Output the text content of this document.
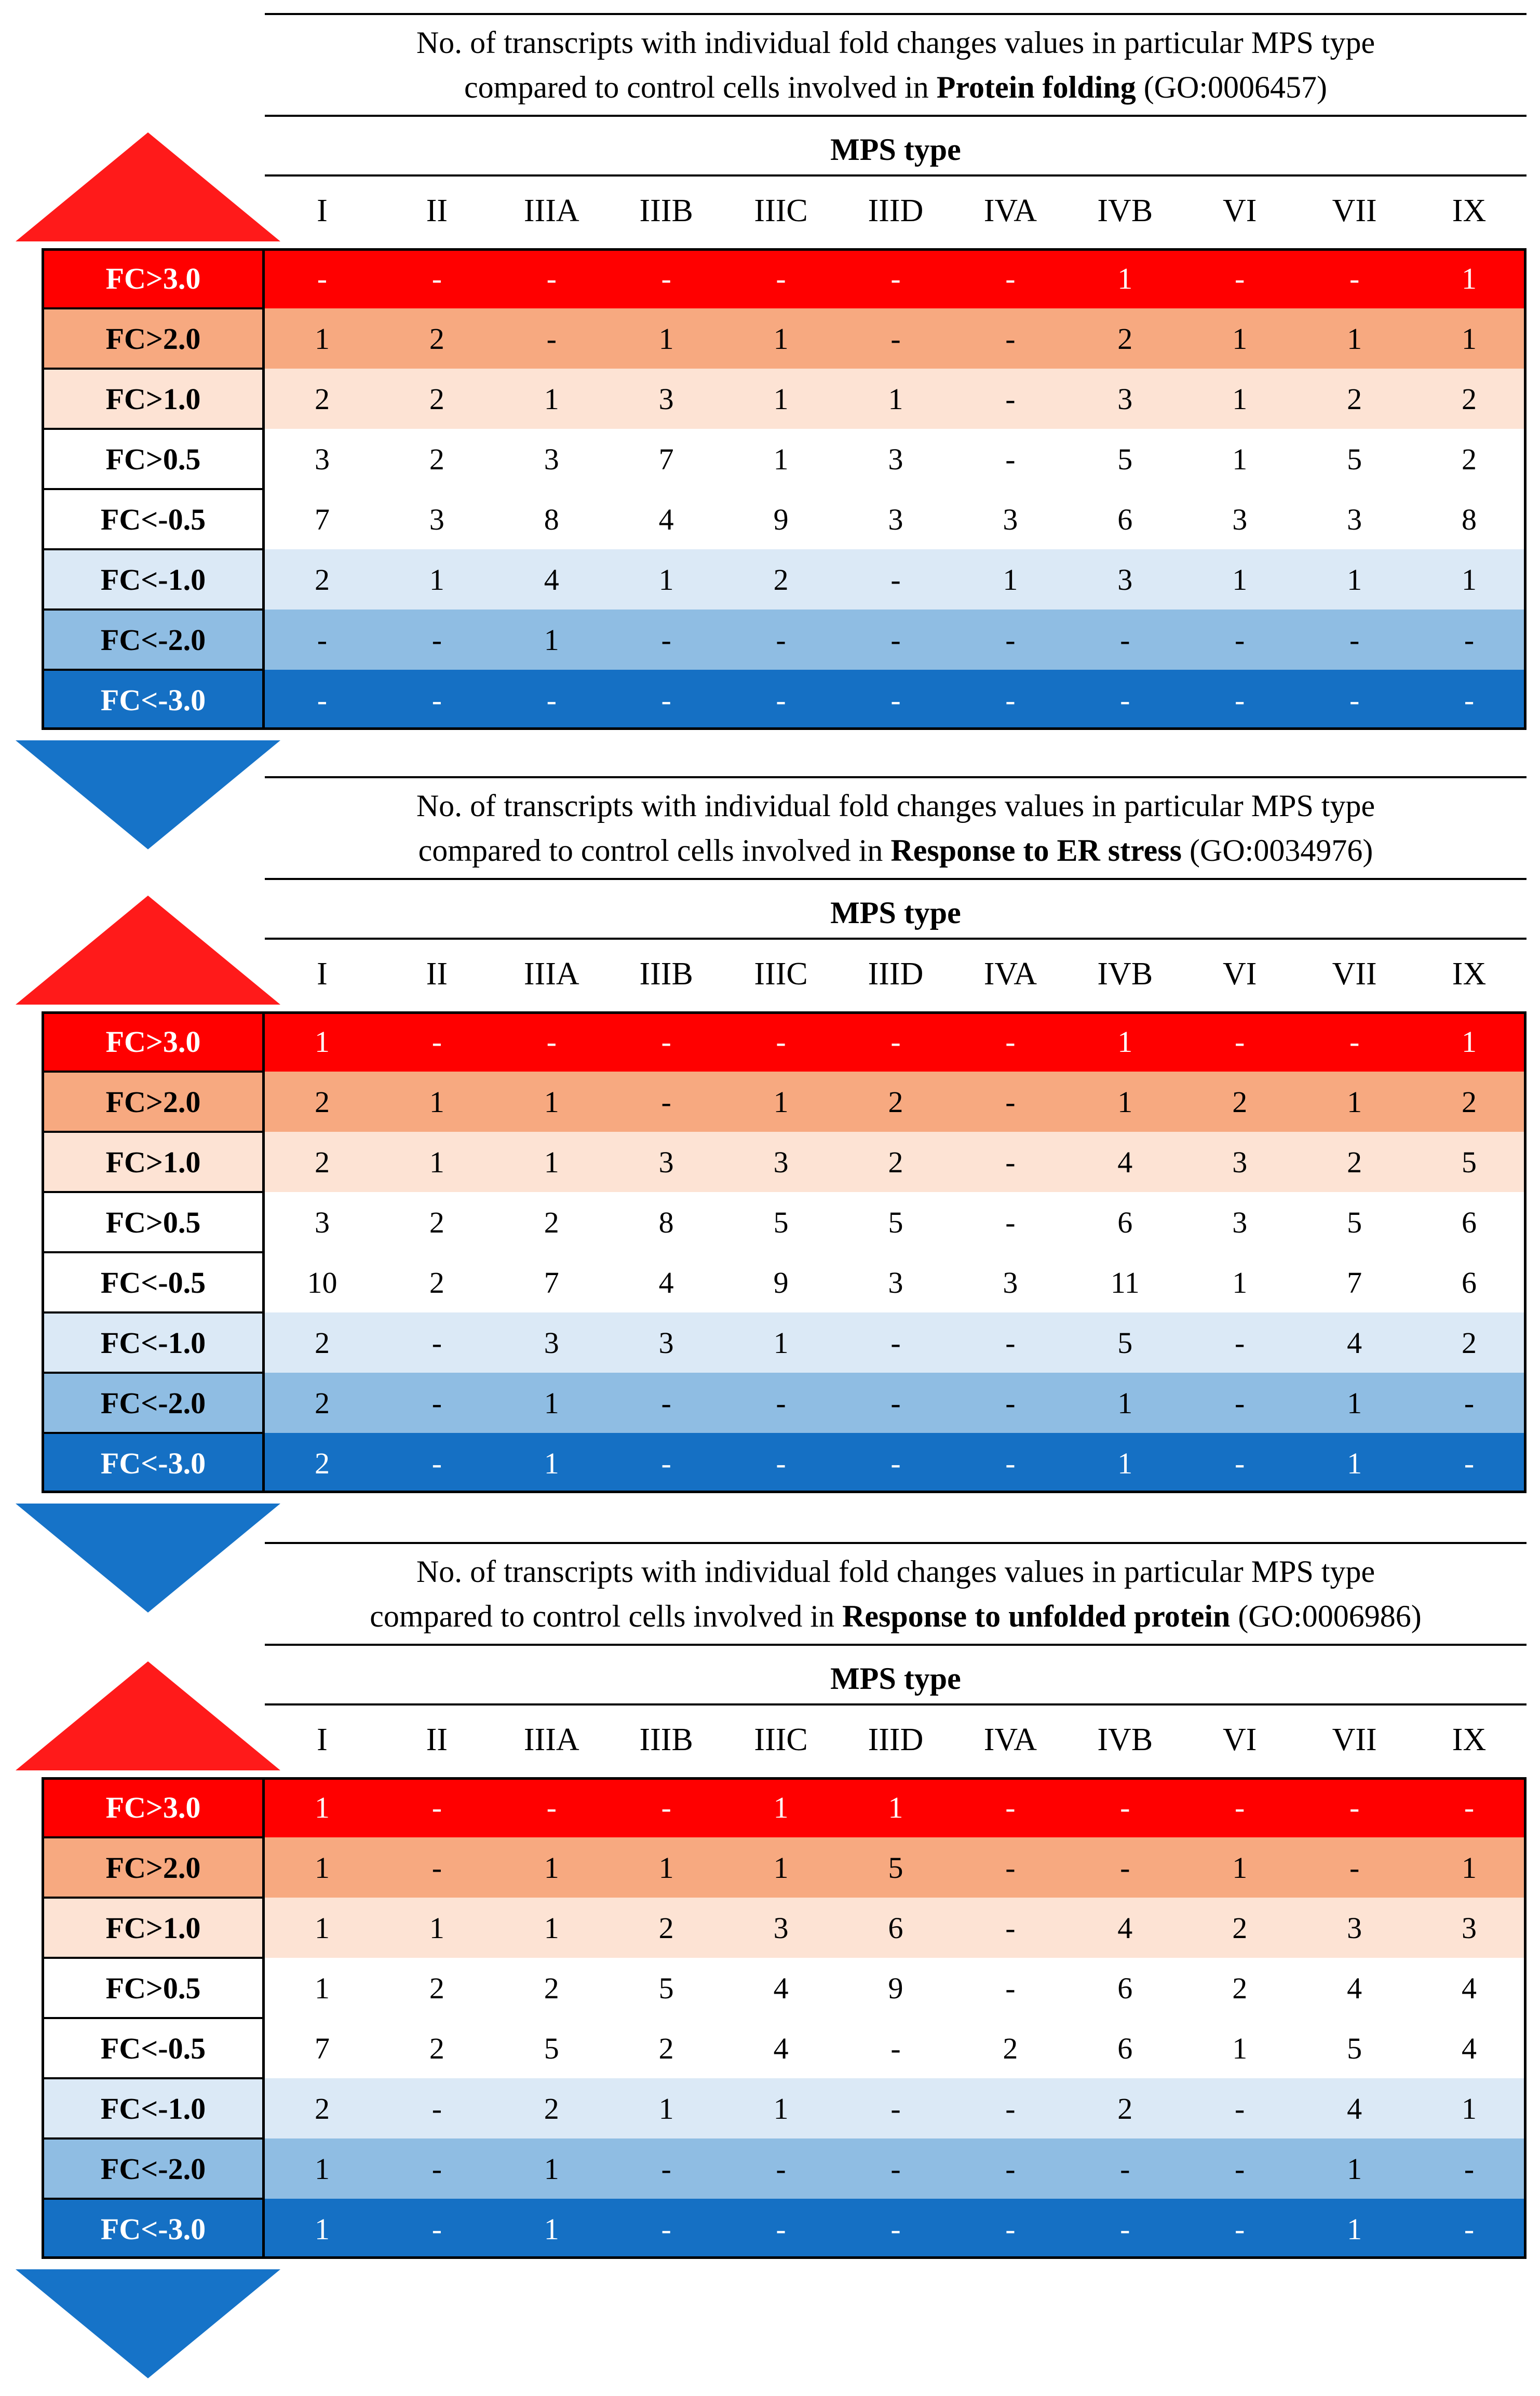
No. of transcripts with individual fold changes values in particular MPS type
compared to control cells involved in Protein folding (GO:0006457)
MPS type
I	II	IIIA	IIIB	IIIC	IIID	IVA	IVB	VI	VII	IX
FC>3.0	-	-	-	-	-	-	-	1	-	-	1
FC>2.0	1	2	-	1	1	-	-	2	1	1	1
FC>1.0	2	2	1	3	1	1	-	3	1	2	2
FC>0.5	3	2	3	7	1	3	-	5	1	5	2
FC<-0.5	7	3	8	4	9	3	3	6	3	3	8
FC<-1.0	2	1	4	1	2	-	1	3	1	1	1
FC<-2.0	-	-	1	-	-	-	-	-	-	-	-
FC<-3.0	-	-	-	-	-	-	-	-	-	-	-
No. of transcripts with individual fold changes values in particular MPS type
compared to control cells involved in Response to ER stress (GO:0034976)
MPS type
I	II	IIIA	IIIB	IIIC	IIID	IVA	IVB	VI	VII	IX
FC>3.0	1	-	-	-	-	-	-	1	-	-	1
FC>2.0	2	1	1	-	1	2	-	1	2	1	2
FC>1.0	2	1	1	3	3	2	-	4	3	2	5
FC>0.5	3	2	2	8	5	5	-	6	3	5	6
FC<-0.5	10	2	7	4	9	3	3	11	1	7	6
FC<-1.0	2	-	3	3	1	-	-	5	-	4	2
FC<-2.0	2	-	1	-	-	-	-	1	-	1	-
FC<-3.0	2	-	1	-	-	-	-	1	-	1	-
No. of transcripts with individual fold changes values in particular MPS type
compared to control cells involved in Response to unfolded protein (GO:0006986)
MPS type
I	II	IIIA	IIIB	IIIC	IIID	IVA	IVB	VI	VII	IX
FC>3.0	1	-	-	-	1	1	-	-	-	-	-
FC>2.0	1	-	1	1	1	5	-	-	1	-	1
FC>1.0	1	1	1	2	3	6	-	4	2	3	3
FC>0.5	1	2	2	5	4	9	-	6	2	4	4
FC<-0.5	7	2	5	2	4	-	2	6	1	5	4
FC<-1.0	2	-	2	1	1	-	-	2	-	4	1
FC<-2.0	1	-	1	-	-	-	-	-	-	1	-
FC<-3.0	1	-	1	-	-	-	-	-	-	1	-
